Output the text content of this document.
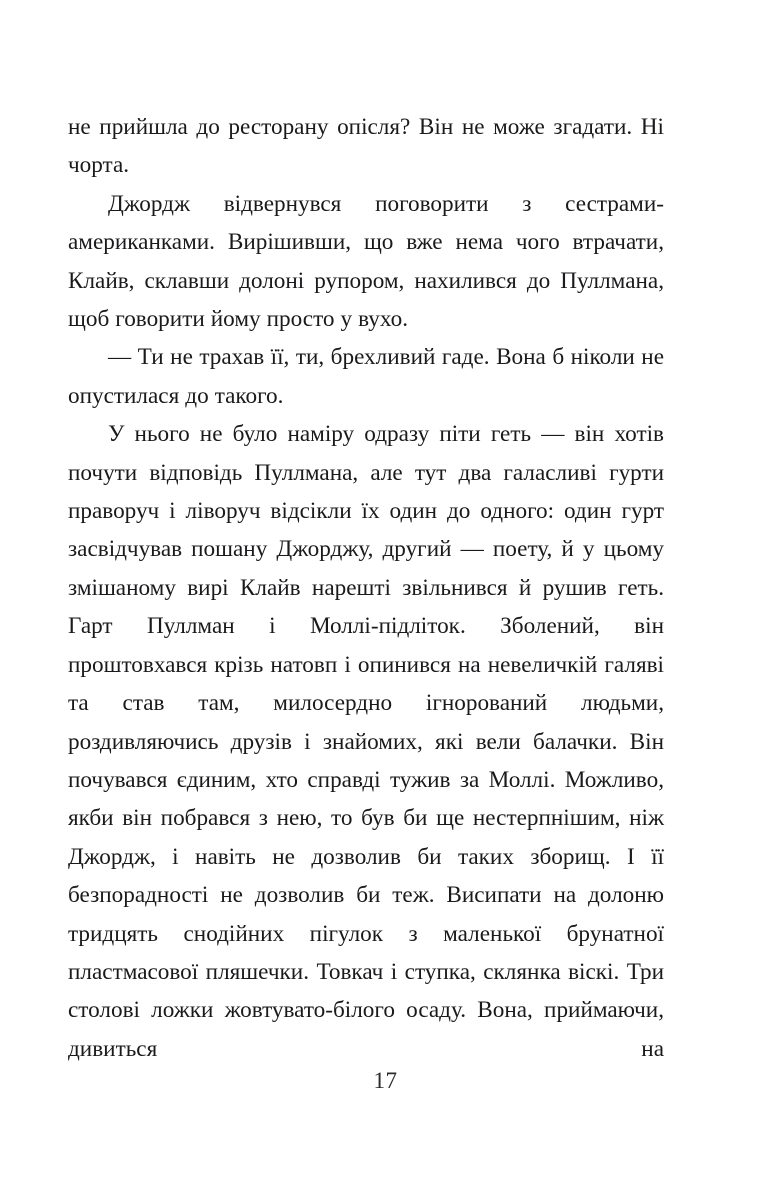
не прийшла до ресторану опісля? Він не може згадати. Ні чорта.

Джордж відвернувся поговорити з сестрами-американками. Вирішивши, що вже нема чого втрачати, Клайв, склавши долоні рупором, нахилився до Пуллмана, щоб говорити йому просто у вухо.

— Ти не трахав її, ти, брехливий гаде. Вона б ніколи не опустилася до такого.

У нього не було наміру одразу піти геть — він хотів почути відповідь Пуллмана, але тут два галасливі гурти праворуч і ліворуч відсікли їх один до одного: один гурт засвідчував пошану Джорджу, другий — поету, й у цьому змішаному вирі Клайв нарешті звільнився й рушив геть. Гарт Пуллман і Моллі-підліток. Зболений, він проштовхався крізь натовп і опинився на невеличкій галяві та став там, милосердно ігнорований людьми, роздивляючись друзів і знайомих, які вели балачки. Він почувався єдиним, хто справді тужив за Моллі. Можливо, якби він побрався з нею, то був би ще нестерпнішим, ніж Джордж, і навіть не дозволив би таких зборищ. І її безпорадності не дозволив би теж. Висипати на долоню тридцять снодійних пігулок з маленької брунатної пластмасової пляшечки. Товкач і ступка, склянка віскі. Три столові ложки жовтувато-білого осаду. Вона, приймаючи, дивиться на

17
